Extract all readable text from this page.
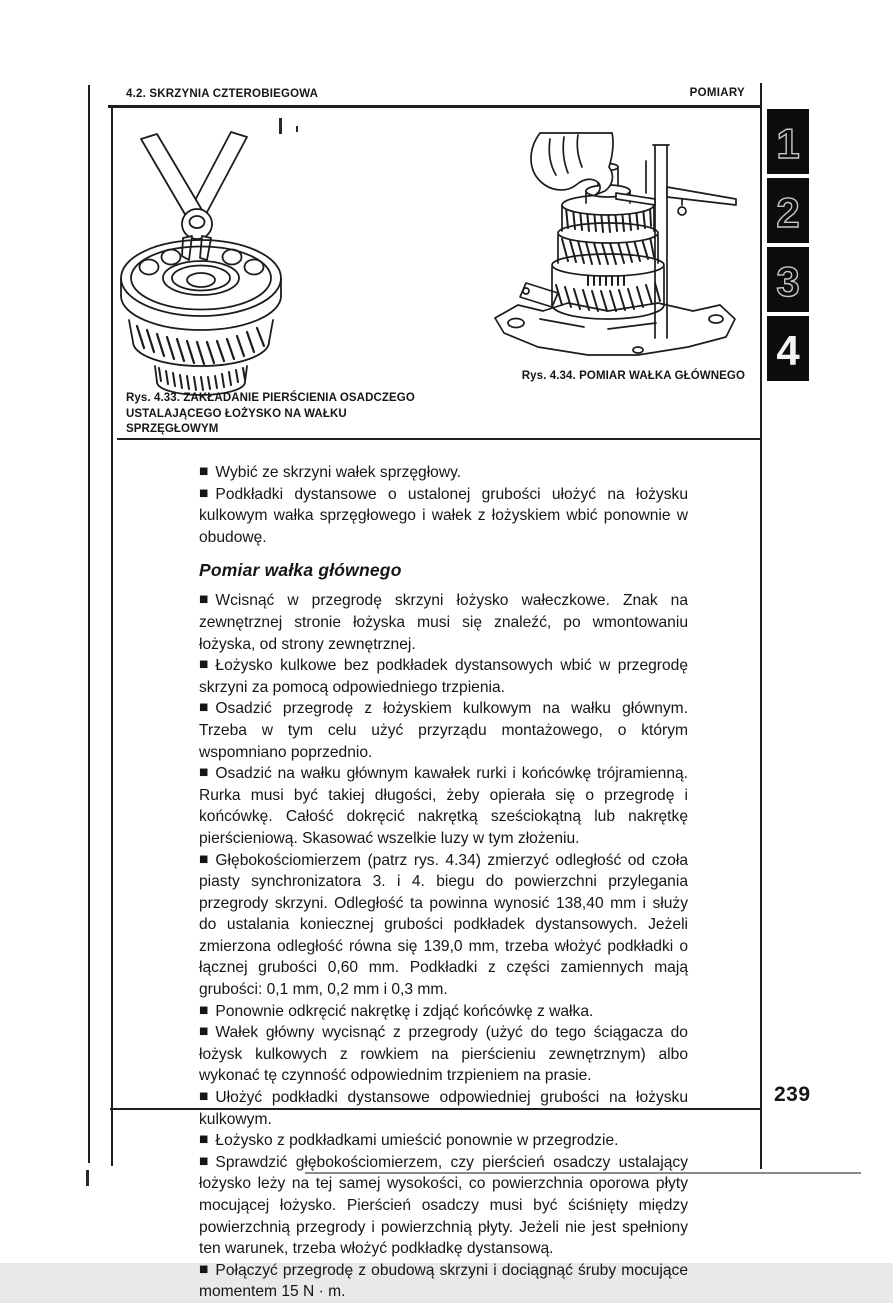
4.2. SKRZYNIA CZTEROBIEGOWA	POMIARY
Rys. 4.34. POMIAR WAŁKA GŁÓWNEGO
Rys. 4.33. ZAKŁADANIE PIERŚCIENIA OSADCZEGO USTALAJĄCEGO ŁOŻYSKO NA WAŁKU SPRZĘGŁOWYM

■ Wybić ze skrzyni wałek sprzęgłowy.

■ Podkładki dystansowe o ustalonej grubości ułożyć na łożysku kulkowym wałka sprzęgłowego i wałek z łożyskiem wbić ponownie w obudowę.

Pomiar wałka głównego

■ Wcisnąć w przegrodę skrzyni łożysko wałeczkowe. Znak na zewnętrznej stronie łożyska musi się znaleźć, po wmontowaniu łożyska, od strony zewnętrznej.

■ Łożysko kulkowe bez podkładek dystansowych wbić w przegrodę skrzyni za pomocą odpowiedniego trzpienia.

■ Osadzić przegrodę z łożyskiem kulkowym na wałku głównym. Trzeba w tym celu użyć przyrządu montażowego, o którym wspomniano poprzednio.

■ Osadzić na wałku głównym kawałek rurki i końcówkę trójramienną. Rurka musi być takiej długości, żeby opierała się o przegrodę i końcówkę. Całość dokręcić nakrętką sześciokątną lub nakrętkę pierścieniową. Skasować wszelkie luzy w tym złożeniu.

■ Głębokościomierzem (patrz rys. 4.34) zmierzyć odległość od czoła piasty synchronizatora 3. i 4. biegu do powierzchni przylegania przegrody skrzyni. Odległość ta powinna wynosić 138,40 mm i służy do ustalania koniecznej grubości podkładek dystansowych. Jeżeli zmierzona odległość równa się 139,0 mm, trzeba włożyć podkładki o łącznej grubości 0,60 mm. Podkładki z części zamiennych mają grubości: 0,1 mm, 0,2 mm i 0,3 mm.

■ Ponownie odkręcić nakrętkę i zdjąć końcówkę z wałka.

■ Wałek główny wycisnąć z przegrody (użyć do tego ściągacza do łożysk kulkowych z rowkiem na pierścieniu zewnętrznym) albo wykonać tę czynność odpowiednim trzpieniem na prasie.

■ Ułożyć podkładki dystansowe odpowiedniej grubości na łożysku kulkowym.

■ Łożysko z podkładkami umieścić ponownie w przegrodzie.

■ Sprawdzić głębokościomierzem, czy pierścień osadczy ustalający łożysko leży na tej samej wysokości, co powierzchnia oporowa płyty mocującej łożysko. Pierścień osadczy musi być ściśnięty między powierzchnią przegrody i powierzchnią płyty. Jeżeli nie jest spełniony ten warunek, trzeba włożyć podkładkę dystansową.

■ Połączyć przegrodę z obudową skrzyni i dociągnąć śruby mocujące momentem 15 N · m.

1
2
3
4
239
